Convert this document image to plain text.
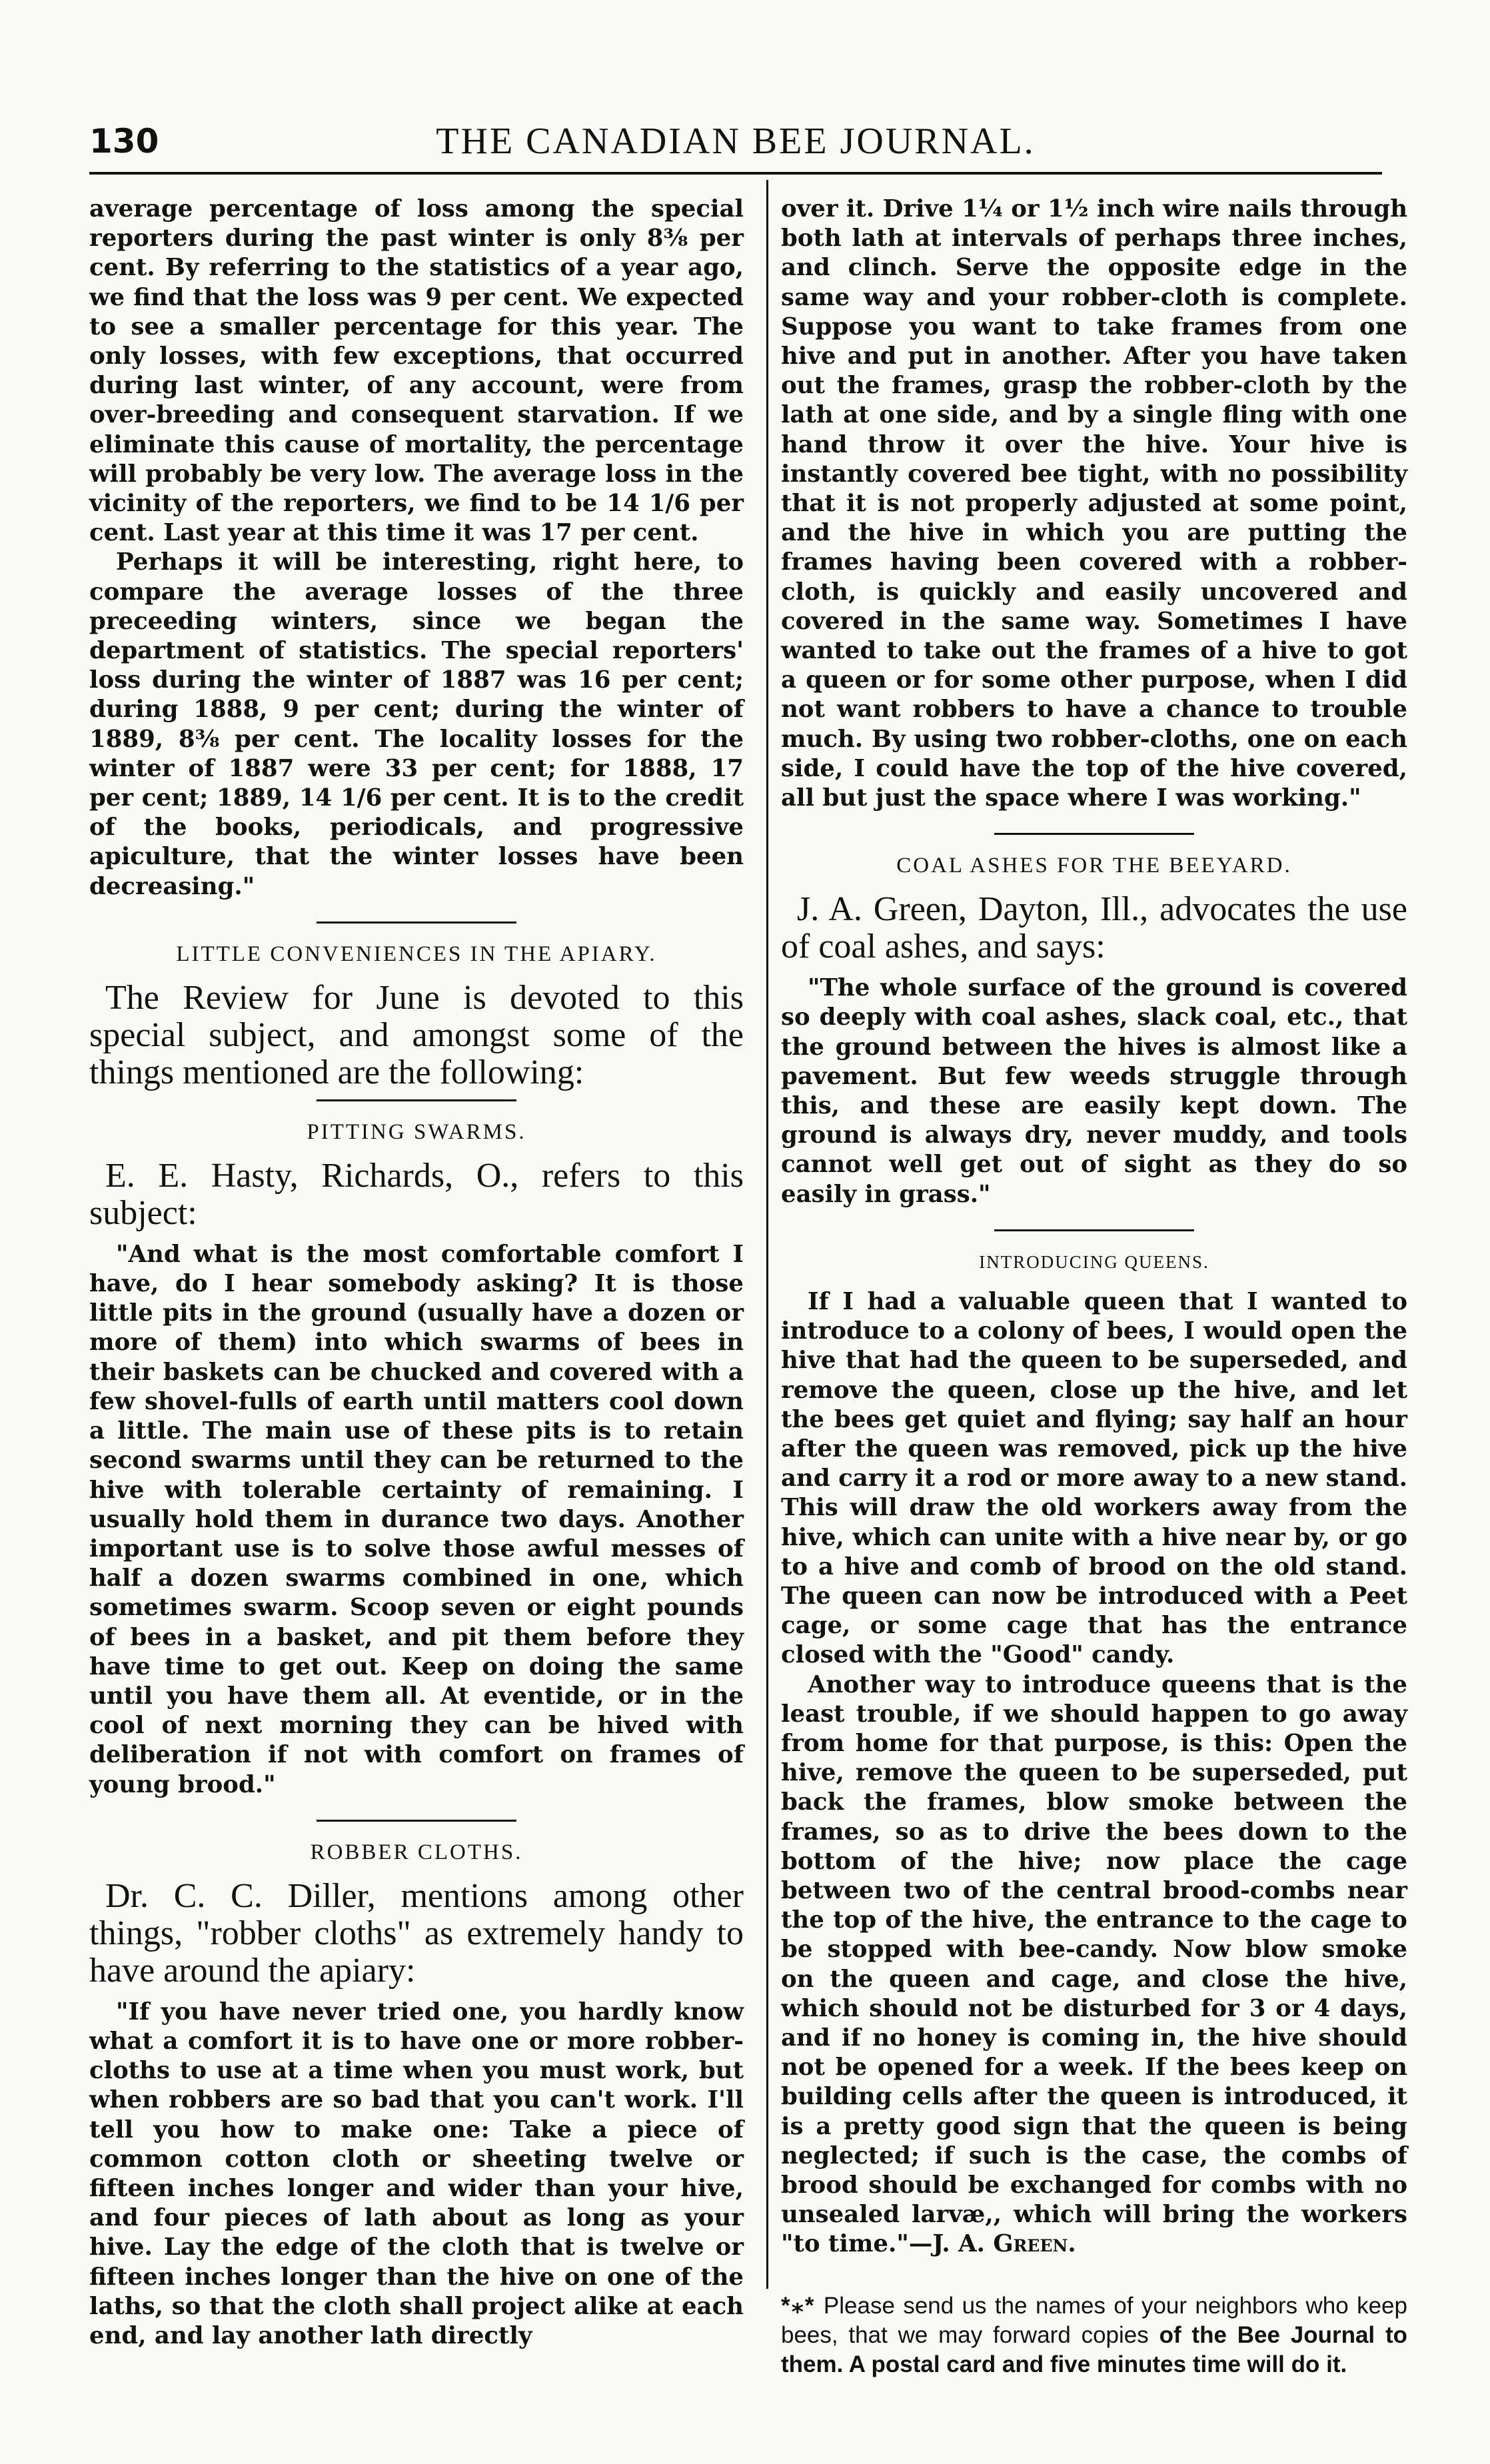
130	THE CANADIAN BEE JOURNAL.

average percentage of loss among the special reporters during the past winter is only 8⅜ per cent. By referring to the statistics of a year ago, we find that the loss was 9 per cent. We expected to see a smaller percentage for this year. The only losses, with few exceptions, that occurred during last winter, of any account, were from over-breeding and consequent starvation. If we eliminate this cause of mortality, the percentage will probably be very low. The average loss in the vicinity of the reporters, we find to be 14 1/6 per cent. Last year at this time it was 17 per cent.

Perhaps it will be interesting, right here, to compare the average losses of the three preceeding winters, since we began the department of statistics. The special reporters' loss during the winter of 1887 was 16 per cent; during 1888, 9 per cent; during the winter of 1889, 8⅜ per cent. The locality losses for the winter of 1887 were 33 per cent; for 1888, 17 per cent; 1889, 14 1/6 per cent. It is to the credit of the books, periodicals, and progressive apiculture, that the winter losses have been decreasing."

LITTLE CONVENIENCES IN THE APIARY.
The Review for June is devoted to this special subject, and amongst some of the things mentioned are the following:
PITTING SWARMS.
E. E. Hasty, Richards, O., refers to this subject:

"And what is the most comfortable comfort I have, do I hear somebody asking? It is those little pits in the ground (usually have a dozen or more of them) into which swarms of bees in their baskets can be chucked and covered with a few shovel-fulls of earth until matters cool down a little. The main use of these pits is to retain second swarms until they can be returned to the hive with tolerable certainty of remaining. I usually hold them in durance two days. Another important use is to solve those awful messes of half a dozen swarms combined in one, which sometimes swarm. Scoop seven or eight pounds of bees in a basket, and pit them before they have time to get out. Keep on doing the same until you have them all. At eventide, or in the cool of next morning they can be hived with deliberation if not with comfort on frames of young brood."

ROBBER CLOTHS.
Dr. C. C. Diller, mentions among other things, "robber cloths" as extremely handy to have around the apiary:

"If you have never tried one, you hardly know what a comfort it is to have one or more robber-cloths to use at a time when you must work, but when robbers are so bad that you can't work. I'll tell you how to make one: Take a piece of common cotton cloth or sheeting twelve or fifteen inches longer and wider than your hive, and four pieces of lath about as long as your hive. Lay the edge of the cloth that is twelve or fifteen inches longer than the hive on one of the laths, so that the cloth shall project alike at each end, and lay another lath directly

over it. Drive 1¼ or 1½ inch wire nails through both lath at intervals of perhaps three inches, and clinch. Serve the opposite edge in the same way and your robber-cloth is complete. Suppose you want to take frames from one hive and put in another. After you have taken out the frames, grasp the robber-cloth by the lath at one side, and by a single fling with one hand throw it over the hive. Your hive is instantly covered bee tight, with no possibility that it is not properly adjusted at some point, and the hive in which you are putting the frames having been covered with a robber-cloth, is quickly and easily uncovered and covered in the same way. Sometimes I have wanted to take out the frames of a hive to got a queen or for some other purpose, when I did not want robbers to have a chance to trouble much. By using two robber-cloths, one on each side, I could have the top of the hive covered, all but just the space where I was working."

COAL ASHES FOR THE BEEYARD.
J. A. Green, Dayton, Ill., advocates the use of coal ashes, and says:

"The whole surface of the ground is covered so deeply with coal ashes, slack coal, etc., that the ground between the hives is almost like a pavement. But few weeds struggle through this, and these are easily kept down. The ground is always dry, never muddy, and tools cannot well get out of sight as they do so easily in grass."

INTRODUCING QUEENS.

If I had a valuable queen that I wanted to introduce to a colony of bees, I would open the hive that had the queen to be superseded, and remove the queen, close up the hive, and let the bees get quiet and flying; say half an hour after the queen was removed, pick up the hive and carry it a rod or more away to a new stand. This will draw the old workers away from the hive, which can unite with a hive near by, or go to a hive and comb of brood on the old stand. The queen can now be introduced with a Peet cage, or some cage that has the entrance closed with the "Good" candy.

Another way to introduce queens that is the least trouble, if we should happen to go away from home for that purpose, is this: Open the hive, remove the queen to be superseded, put back the frames, blow smoke between the frames, so as to drive the bees down to the bottom of the hive; now place the cage between two of the central brood-combs near the top of the hive, the entrance to the cage to be stopped with bee-candy. Now blow smoke on the queen and cage, and close the hive, which should not be disturbed for 3 or 4 days, and if no honey is coming in, the hive should not be opened for a week. If the bees keep on building cells after the queen is introduced, it is a pretty good sign that the queen is being neglected; if such is the case, the combs of brood should be exchanged for combs with no unsealed larvæ,, which will bring the workers "to time."—J. A. Green.

*⁎* Please send us the names of your neighbors who keep bees, that we may forward copies of the Bee Journal to them. A postal card and five minutes time will do it.
